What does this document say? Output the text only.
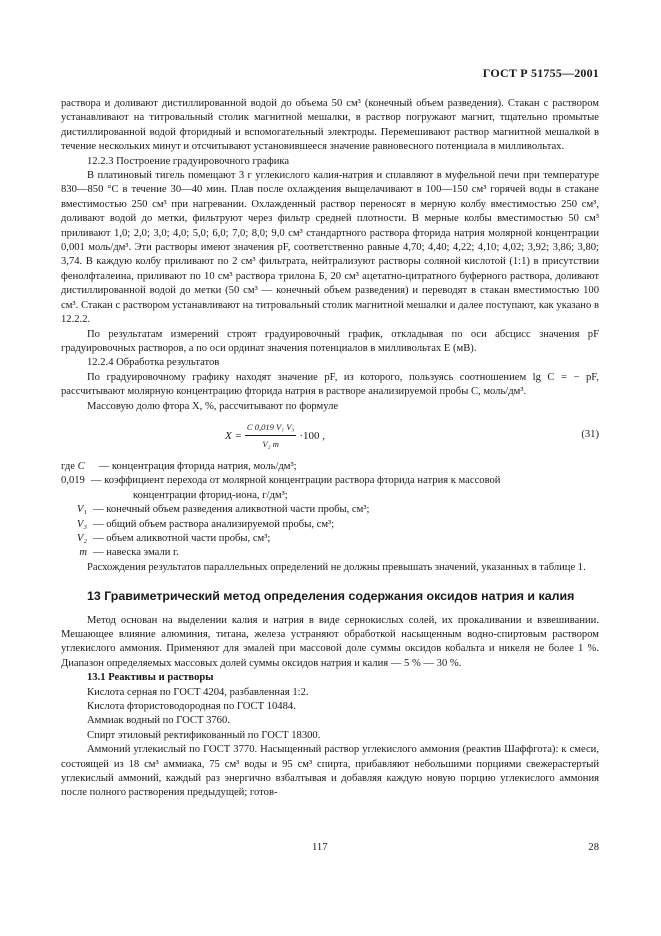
ГОСТ Р 51755—2001

раствора и доливают дистиллированной водой до объема 50 см³ (конечный объем разведения). Стакан с раствором устанавливают на титровальный столик магнитной мешалки, в раствор погружают магнит, тщательно промытые дистиллированной водой фторидный и вспомогательный электроды. Перемешивают раствор магнитной мешалкой в течение нескольких минут и отсчитывают установившееся значение равновесного потенциала в милливольтах.

12.2.3 Построение градуировочного графика

В платиновый тигель помещают 3 г углекислого калия-натрия и сплавляют в муфельной печи при температуре 830—850 °С в течение 30—40 мин. Плав после охлаждения выщелачивают в 100—150 см³ горячей воды в стакане вместимостью 250 см³ при нагревании. Охлажденный раствор переносят в мерную колбу вместимостью 250 см³, доливают водой до метки, фильтруют через фильтр средней плотности. В мерные колбы вместимостью 50 см³ приливают 1,0; 2,0; 3,0; 4,0; 5,0; 6,0; 7,0; 8,0; 9,0 см³ стандартного раствора фторида натрия молярной концентрации 0,001 моль/дм³. Эти растворы имеют значения pF, соответственно равные 4,70; 4,40; 4,22; 4,10; 4,02; 3,92; 3,86; 3,80; 3,74. В каждую колбу приливают по 2 см³ фильтрата, нейтрализуют растворы соляной кислотой (1:1) в присутствии фенолфталеина, приливают по 10 см³ раствора трилона Б, 20 см³ ацетатно-цитратного буферного раствора, доливают дистиллированной водой до метки (50 см³ — конечный объем разведения) и переводят в стакан вместимостью 100 см³. Стакан с раствором устанавливают на титровальный столик магнитной мешалки и далее поступают, как указано в 12.2.2.

По результатам измерений строят градуировочный график, откладывая по оси абсцисс значения pF градуировочных растворов, а по оси ординат значения потенциалов в милливольтах E (мВ).

12.2.4 Обработка результатов

По градуировочному графику находят значение pF, из которого, пользуясь соотношением lg C = − pF, рассчитывают молярную концентрацию фторида натрия в растворе анализируемой пробы C, моль/дм³.

Массовую долю фтора X, %, рассчитывают по формуле

$X = \frac{\text{C 0,019 V₁ V₃}}{\text{V₂ m}} \cdot 100$ ,	(31)
где C	— концентрация фторида натрия, моль/дм³;
0,019 — коэффициент перехода от молярной концентрации раствора фторида натрия к массовой

концентрации фторид-иона, г/дм³;

V₁ — конечный объем разведения аликвотной части пробы, см³;
V₃ — общий объем раствора анализируемой пробы, см³;
V₂ — объем аликвотной части пробы, см³;
m — навеска эмали г.

Расхождения результатов параллельных определений не должны превышать значений, указанных в таблице 1.

13 Гравиметрический метод определения содержания оксидов натрия и калия

Метод основан на выделении калия и натрия в виде сернокислых солей, их прокаливании и взвешивании. Мешающее влияние алюминия, титана, железа устраняют обработкой насыщенным водно-спиртовым раствором углекислого аммония. Применяют для эмалей при массовой доле суммы оксидов кобальта и никеля не более 1 %. Диапазон определяемых массовых долей суммы оксидов натрия и калия — 5 % — 30 %.

13.1 Реактивы и растворы

Кислота серная по ГОСТ 4204, разбавленная 1:2.

Кислота фтористоводородная по ГОСТ 10484.

Аммиак водный по ГОСТ 3760.

Спирт этиловый ректификованный по ГОСТ 18300.

Аммоний углекислый по ГОСТ 3770. Насыщенный раствор углекислого аммония (реактив Шаффгота): к смеси, состоящей из 18 см³ аммиака, 75 см³ воды и 95 см³ спирта, прибавляют небольшими порциями свежерастертый углекислый аммоний, каждый раз энергично взбалтывая и добавляя каждую новую порцию углекислого аммония после полного растворения предыдущей; готов-

117	28
